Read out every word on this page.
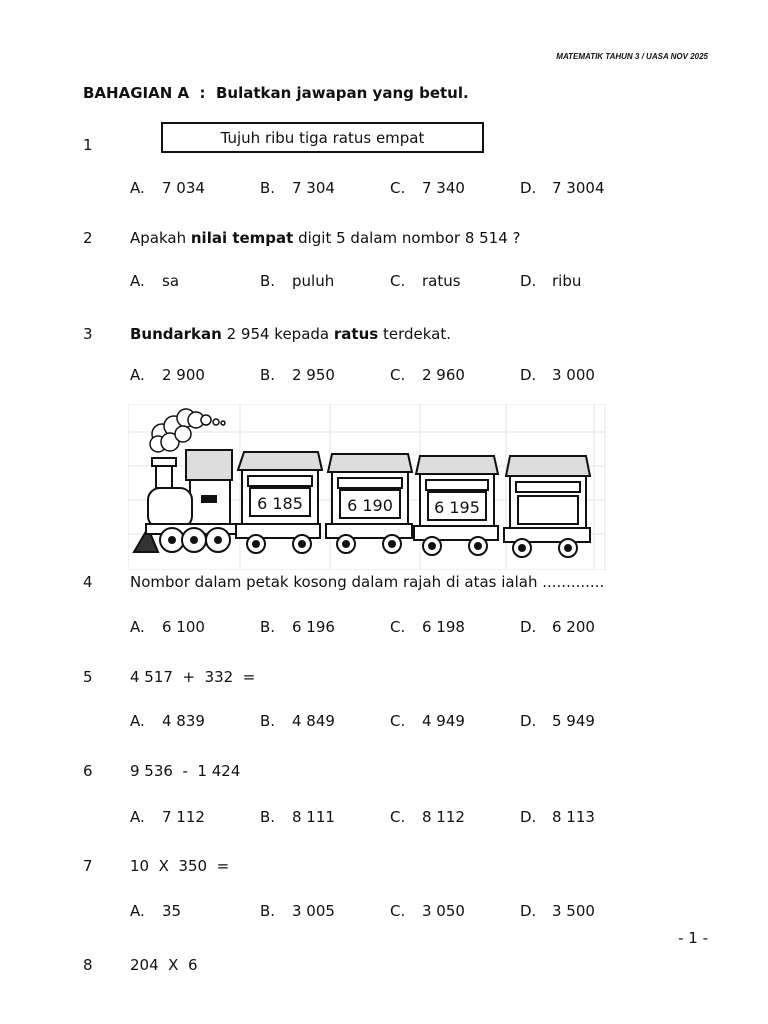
MATEMATIK TAHUN 3 / UASA NOV 2025
BAHAGIAN A : Bulatkan jawapan yang betul.
1	Tujuh ribu tiga ratus empat
A. 7 034	B. 7 304	C. 7 340	D. 7 3004
2 Apakah nilai tempat digit 5 dalam nombor 8 514 ?
A. sa	B. puluh	C. ratus	D. ribu
3 Bundarkan 2 954 kepada ratus terdekat.
A. 2 900	B. 2 950	C. 2 960	D. 3 000
6 185	6 190	6 195
4 Nombor dalam petak kosong dalam rajah di atas ialah .............
A. 6 100	B. 6 196	C. 6 198	D. 6 200
5 4 517  +  332  =
A. 4 839	B. 4 849	C. 4 949	D. 5 949
6 9 536  -  1 424
A. 7 112	B. 8 111	C. 8 112	D. 8 113
7 10  X  350  =
A. 35	B. 3 005	C. 3 050	D. 3 500
- 1 -
8 204  X  6
